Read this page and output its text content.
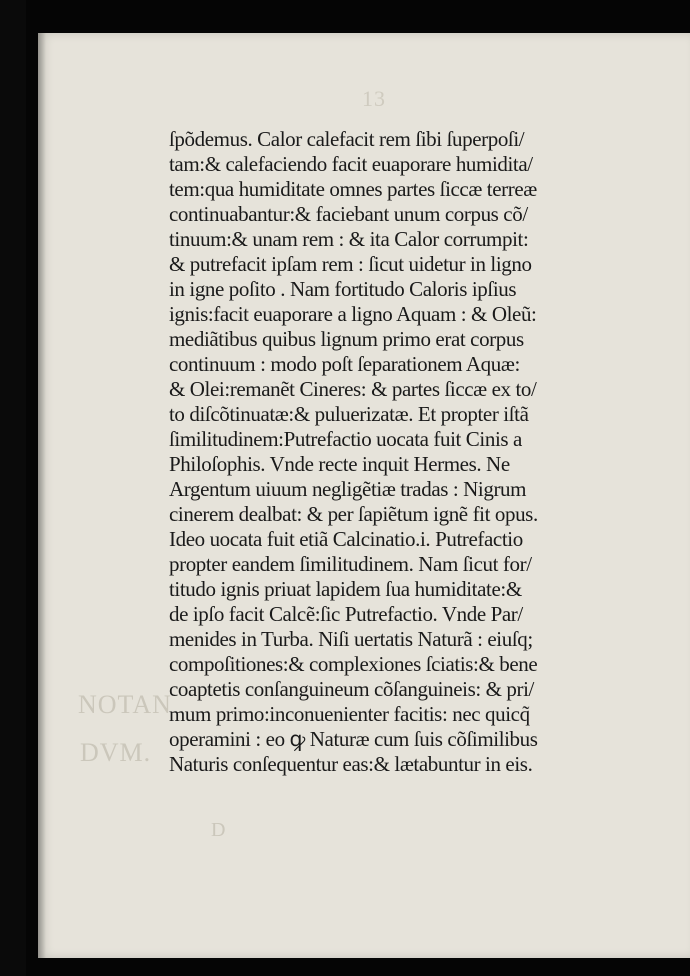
13
NOTAN
DVM.
D
ſpõdemus. Calor calefacit rem ſibi ſuperpoſi/
tam:& calefaciendo facit euaporare humidita/
tem:qua humiditate omnes partes ſiccæ terreæ
continuabantur:& faciebant unum corpus cõ/
tinuum:& unam rem : & ita Calor corrumpit:
& putrefacit ipſam rem : ſicut uidetur in ligno
in igne poſito . Nam fortitudo Caloris ipſius
ignis:facit euaporare a ligno Aquam : & Oleũ:
mediãtibus quibus lignum primo erat corpus
continuum : modo poſt ſeparationem Aquæ:
& Olei:remanẽt Cineres: & partes ſiccæ ex to/
to diſcõtinuatæ:& puluerizatæ. Et propter iſtã
ſimilitudinem:Putrefactio uocata fuit Cinis a
Philoſophis. Vnde recte inquit Hermes. Ne
Argentum uiuum negligẽtiæ tradas : Nigrum
cinerem dealbat: & per ſapiẽtum ignẽ fit opus.
Ideo uocata fuit etiã Calcinatio.i. Putrefactio
propter eandem ſimilitudinem. Nam ſicut for/
titudo ignis priuat lapidem ſua humiditate:&
de ipſo facit Calcẽ:ſic Putrefactio. Vnde Par/
menides in Turba. Niſi uertatis Naturã : eiuſq;
compoſitiones:& complexiones ſciatis:& bene
coaptetis conſanguineum cõſanguineis: & pri/
mum primo:inconuenienter facitis: nec quicq̃
operamini : eo ꝙ Naturæ cum ſuis cõſimilibus
Naturis conſequentur eas:& lætabuntur in eis.
